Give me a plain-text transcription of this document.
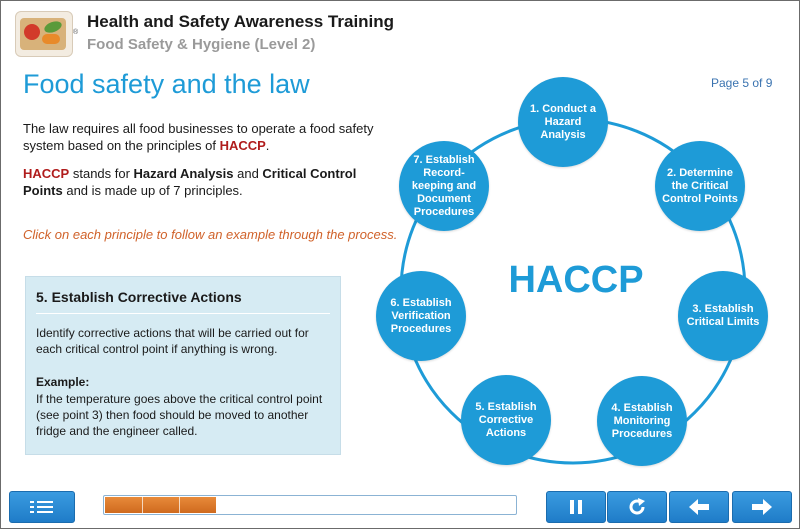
®
Health and Safety Awareness Training
Food Safety & Hygiene (Level 2)
Food safety and the law	Page 5 of 9

The law requires all food businesses to operate a food safety system based on the principles of HACCP.

HACCP stands for Hazard Analysis and Critical Control Points and is made up of 7 principles.

Click on each principle to follow an example through the process.
5. Establish Corrective Actions
Identify corrective actions that will be carried out for each critical control point if anything is wrong.
Example:
If the temperature goes above the critical control point (see point 3) then food should be moved to another fridge and the engineer called.
HACCP
1. Conduct a Hazard Analysis
2. Determine the Critical Control Points
3. Establish Critical Limits
4. Establish Monitoring Procedures
5. Establish Corrective Actions
6. Establish Verification Procedures
7. Establish Record-keeping and Document Procedures
